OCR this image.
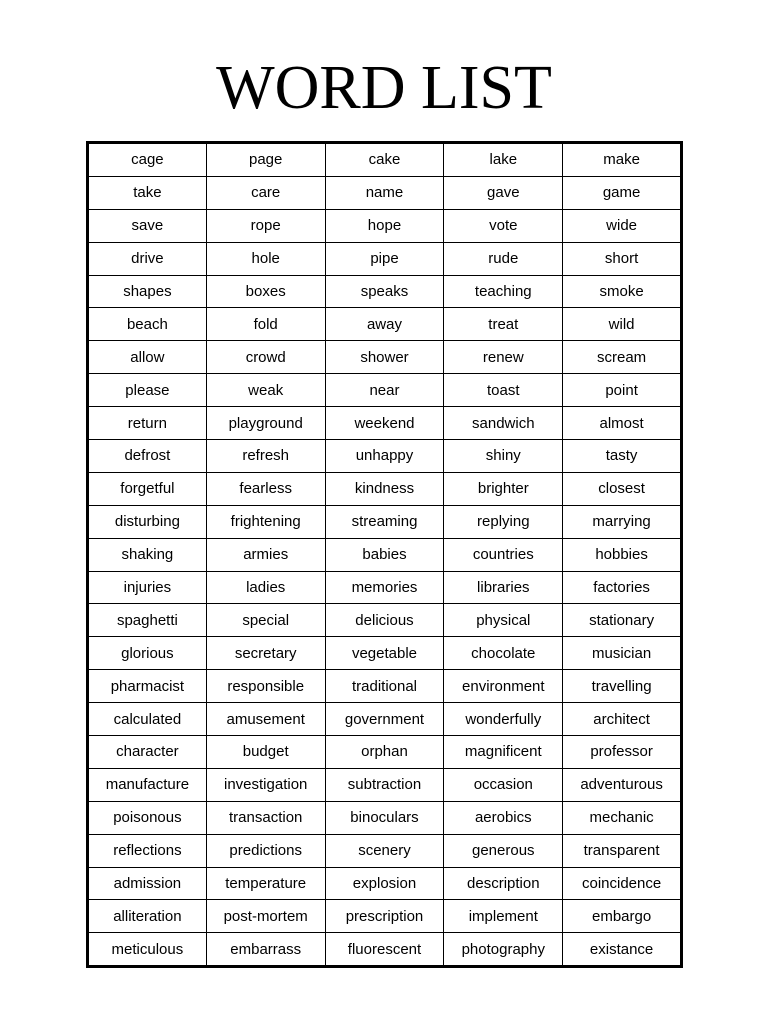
WORD LIST
cage	page	cake	lake	make
take	care	name	gave	game
save	rope	hope	vote	wide
drive	hole	pipe	rude	short
shapes	boxes	speaks	teaching	smoke
beach	fold	away	treat	wild
allow	crowd	shower	renew	scream
please	weak	near	toast	point
return	playground	weekend	sandwich	almost
defrost	refresh	unhappy	shiny	tasty
forgetful	fearless	kindness	brighter	closest
disturbing	frightening	streaming	replying	marrying
shaking	armies	babies	countries	hobbies
injuries	ladies	memories	libraries	factories
spaghetti	special	delicious	physical	stationary
glorious	secretary	vegetable	chocolate	musician
pharmacist	responsible	traditional	environment	travelling
calculated	amusement	government	wonderfully	architect
character	budget	orphan	magnificent	professor
manufacture	investigation	subtraction	occasion	adventurous
poisonous	transaction	binoculars	aerobics	mechanic
reflections	predictions	scenery	generous	transparent
admission	temperature	explosion	description	coincidence
alliteration	post-mortem	prescription	implement	embargo
meticulous	embarrass	fluorescent	photography	existance
